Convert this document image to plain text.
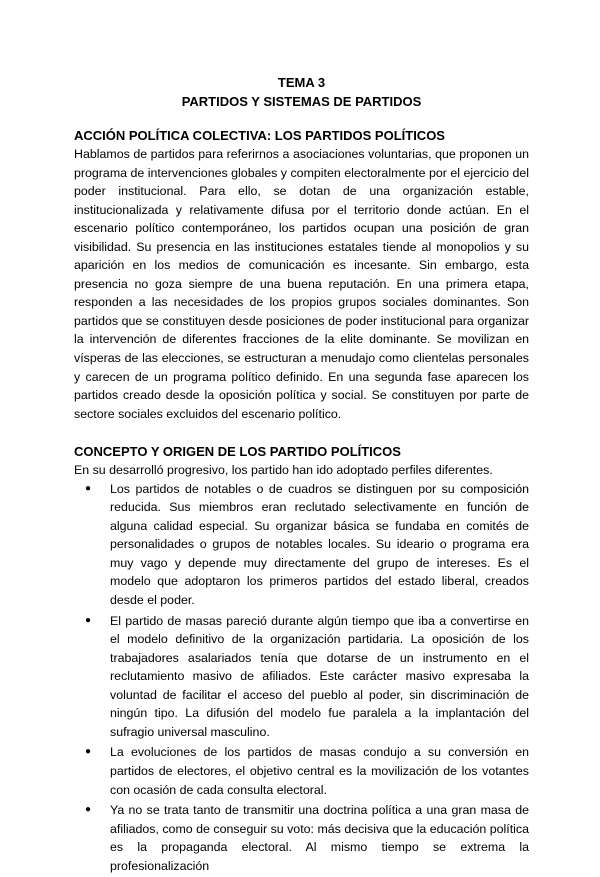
TEMA 3
PARTIDOS Y SISTEMAS DE PARTIDOS
ACCIÓN POLÍTICA COLECTIVA: LOS PARTIDOS POLÍTICOS

Hablamos de partidos para referirnos a asociaciones voluntarias, que proponen un programa de intervenciones globales y compiten electoralmente por el ejercicio del poder institucional. Para ello, se dotan de una organización estable, institucionalizada y relativamente difusa por el territorio donde actúan. En el escenario político contemporáneo, los partidos ocupan una posición de gran visibilidad. Su presencia en las instituciones estatales tiende al monopolios y su aparición en los medios de comunicación es incesante. Sin embargo, esta presencia no goza siempre de una buena reputación. En una primera etapa, responden a las necesidades de los propios grupos sociales dominantes. Son partidos que se constituyen desde posiciones de poder institucional para organizar la intervención de diferentes fracciones de la elite dominante. Se movilizan en vísperas de las elecciones, se estructuran a menudajo como clientelas personales y carecen de un programa político definido. En una segunda fase aparecen los partidos creado desde la oposición política y social. Se constituyen por parte de sectore sociales excluidos del escenario político.

CONCEPTO Y ORIGEN DE LOS PARTIDO POLÍTICOS

En su desarrolló progresivo, los partido han ido adoptado perfiles diferentes.

● Los partidos de notables o de cuadros se distinguen por su composición reducida. Sus miembros eran reclutado selectivamente en función de alguna calidad especial. Su organizar básica se fundaba en comités de personalidades o grupos de notables locales. Su ideario o programa era muy vago y depende muy directamente del grupo de intereses. Es el modelo que adoptaron los primeros partidos del estado liberal, creados desde el poder.
● El partido de masas pareció durante algún tiempo que iba a convertirse en el modelo definitivo de la organización partidaria. La oposición de los trabajadores asalariados tenía que dotarse de un instrumento en el reclutamiento masivo de afiliados. Este carácter masivo expresaba la voluntad de facilitar el acceso del pueblo al poder, sin discriminación de ningún tipo. La difusión del modelo fue paralela a la implantación del sufragio universal masculino.
● La evoluciones de los partidos de masas condujo a su conversión en partidos de electores, el objetivo central es la movilización de los votantes con ocasión de cada consulta electoral.
● Ya no se trata tanto de transmitir una doctrina política a una gran masa de afiliados, como de conseguir su voto: más decisiva que la educación política es la propaganda electoral. Al mismo tiempo se extrema la profesionalización
